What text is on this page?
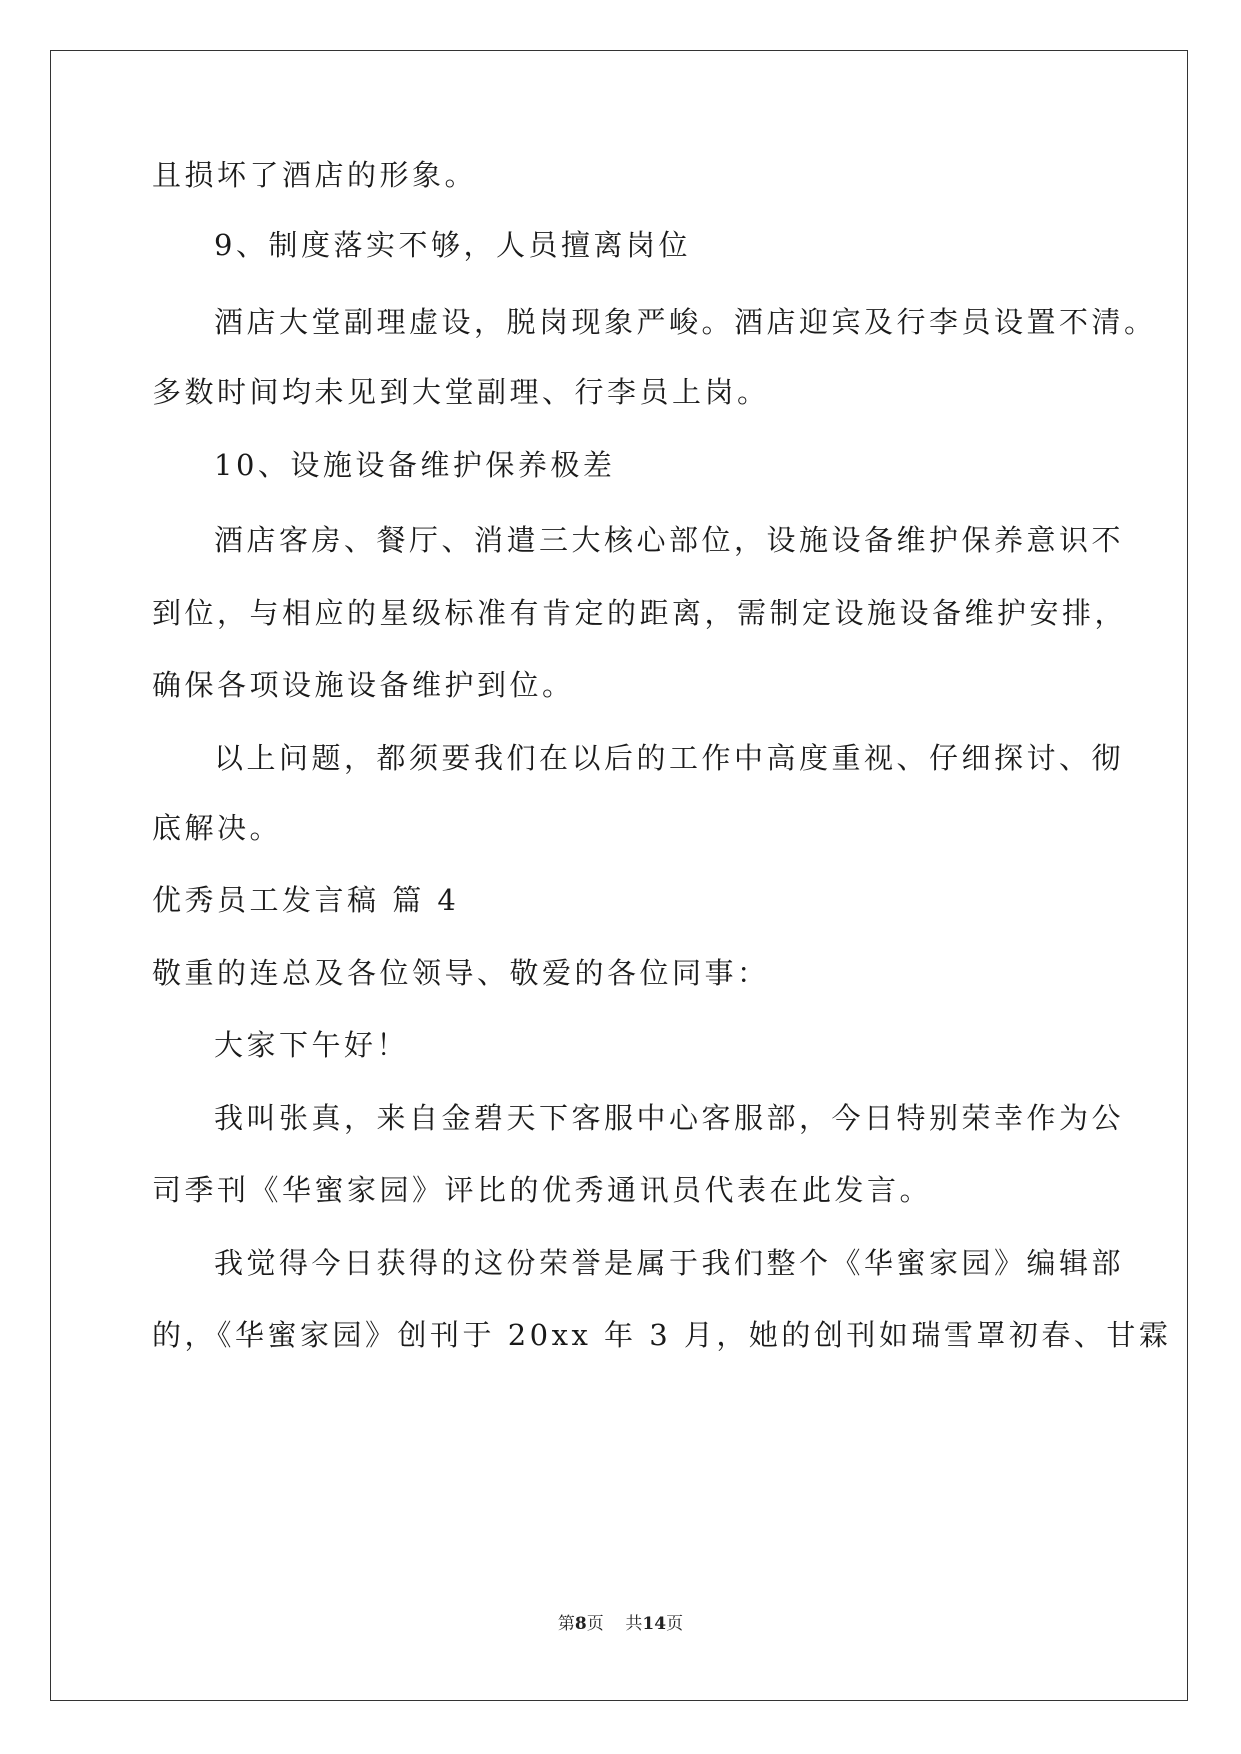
且损坏了酒店的形象。
9、制度落实不够，人员擅离岗位
酒店大堂副理虚设，脱岗现象严峻。酒店迎宾及行李员设置不清。
多数时间均未见到大堂副理、行李员上岗。
10、设施设备维护保养极差
酒店客房、餐厅、消遣三大核心部位，设施设备维护保养意识不
到位，与相应的星级标准有肯定的距离，需制定设施设备维护安排，
确保各项设施设备维护到位。
以上问题，都须要我们在以后的工作中高度重视、仔细探讨、彻
底解决。
优秀员工发言稿 篇 4
敬重的连总及各位领导、敬爱的各位同事：
大家下午好！
我叫张真，来自金碧天下客服中心客服部，今日特别荣幸作为公
司季刊《华蜜家园》评比的优秀通讯员代表在此发言。
我觉得今日获得的这份荣誉是属于我们整个《华蜜家园》编辑部
的，《华蜜家园》创刊于 20xx 年 3 月，她的创刊如瑞雪罩初春、甘霖
第8页 共14页
